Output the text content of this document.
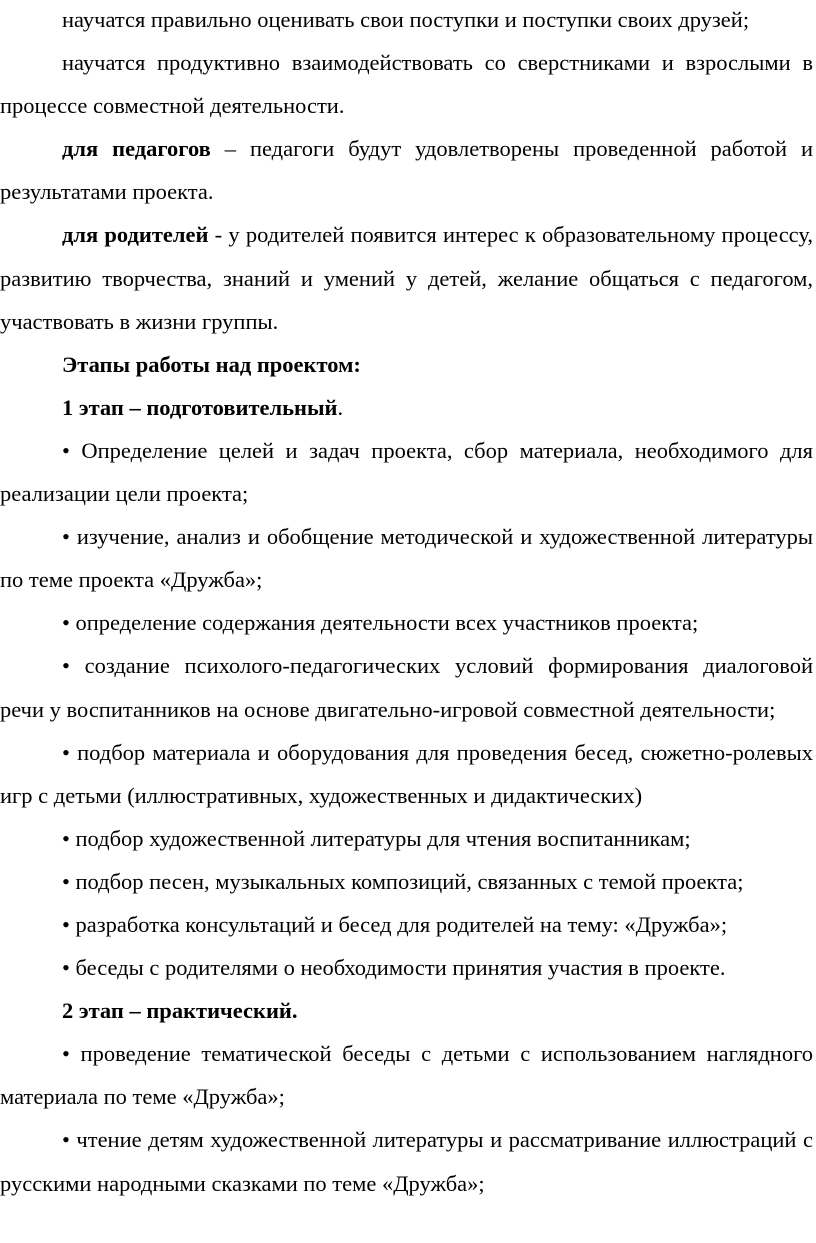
научатся правильно оценивать свои поступки и поступки своих друзей;

научатся продуктивно взаимодействовать со сверстниками и взрослыми в процессе совместной деятельности.

для педагогов – педагоги будут удовлетворены проведенной работой и результатами проекта.

для родителей - у родителей появится интерес к образовательному процессу, развитию творчества, знаний и умений у детей, желание общаться с педагогом, участвовать в жизни группы.

Этапы работы над проектом:

1 этап – подготовительный.

• Определение целей и задач проекта, сбор материала, необходимого для реализации цели проекта;

• изучение, анализ и обобщение методической и художественной литературы по теме проекта «Дружба»;

• определение содержания деятельности всех участников проекта;

• создание психолого-педагогических условий формирования диалоговой речи у воспитанников на основе двигательно-игровой совместной деятельности;

• подбор материала и оборудования для проведения бесед, сюжетно-ролевых игр с детьми (иллюстративных, художественных и дидактических)

• подбор художественной литературы для чтения воспитанникам;

• подбор песен, музыкальных композиций, связанных с темой проекта;

• разработка консультаций и бесед для родителей на тему: «Дружба»;

• беседы с родителями о необходимости принятия участия в проекте.

2 этап – практический.

• проведение тематической беседы с детьми с использованием наглядного материала по теме «Дружба»;

• чтение детям художественной литературы и рассматривание иллюстраций с русскими народными сказками по теме «Дружба»;
